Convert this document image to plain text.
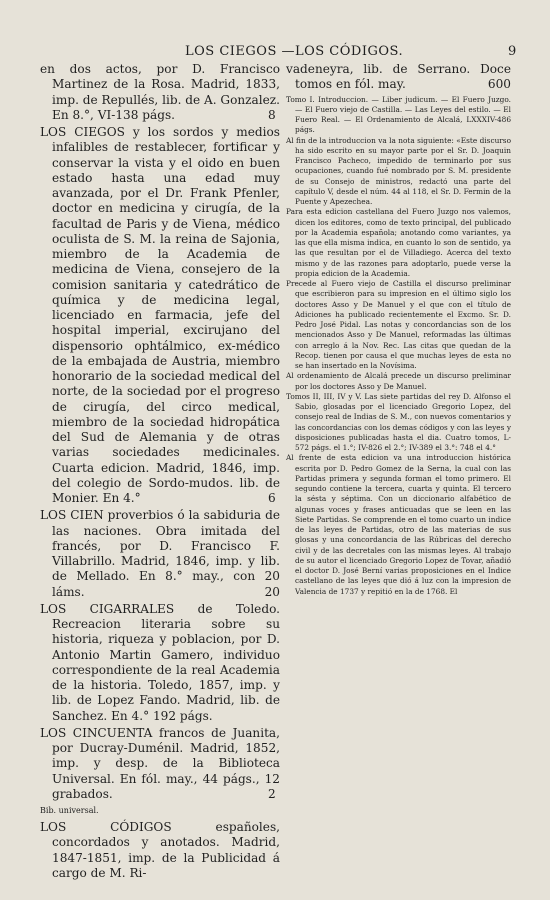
LOS CIEGOS —LOS CÓDIGOS.	9
en dos actos, por D. Francisco Martinez de la Rosa. Madrid, 1833, imp. de Repullés, lib. de A. Gonzalez. En 8.°, VI-138 págs.	8
LOS CIEGOS y los sordos y medios infalibles de restablecer, fortificar y conservar la vista y el oido en buen estado hasta una edad muy avanzada, por el Dr. Frank Pfenler, doctor en medicina y cirugía, de la facultad de Paris y de Viena, médico oculista de S. M. la reina de Sajonia, miembro de la Academia de medicina de Viena, consejero de la comision sanitaria y catedrático de química y de medicina legal, licenciado en farmacia, jefe del hospital imperial, excirujano del dispensorio ophtálmico, ex-médico de la embajada de Austria, miembro honorario de la sociedad medical del norte, de la sociedad por el progreso de cirugía, del circo medical, miembro de la sociedad hidropática del Sud de Alemania y de otras varias sociedades medicinales. Cuarta edicion. Madrid, 1846, imp. del colegio de Sordo-mudos. lib. de Monier. En 4.°	6
LOS CIEN proverbios ó la sabiduria de las naciones. Obra imitada del francés, por D. Francisco F. Villabrillo. Madrid, 1846, imp. y lib. de Mellado. En 8.° may., con 20 láms.	20
LOS CIGARRALES de Toledo. Recreacion literaria sobre su historia, riqueza y poblacion, por D. Antonio Martin Gamero, individuo correspondiente de la real Academia de la historia. Toledo, 1857, imp. y lib. de Lopez Fando. Madrid, lib. de Sanchez. En 4.° 192 págs.
LOS CINCUENTA francos de Juanita, por Ducray-Duménil. Madrid, 1852, imp. y desp. de la Biblioteca Universal. En fól. may., 44 págs., 12 grabados.	2
Bib. universal.
LOS CÓDIGOS españoles, concordados y anotados. Madrid, 1847-1851, imp. de la Publicidad á cargo de M. Ri-
vadeneyra, lib. de Serrano. Doce tomos en fól. may.	600
Tomo I. Introduccion. — Liber judicum. — El Fuero Juzgo. — El Fuero viejo de Castilla. — Las Leyes del estilo. — El Fuero Real. — El Ordenamiento de Alcalá, LXXXIV-486 págs.
Al fin de la introduccion va la nota siguiente: «Este discurso ha sido escrito en su mayor parte por el Sr. D. Joaquin Francisco Pacheco, impedido de terminarlo por sus ocupaciones, cuando fué nombrado por S. M. presidente de su Consejo de ministros, redactó una parte del capítulo V, desde el núm. 44 al 118, el Sr. D. Fermin de la Puente y Apezechea.
Para esta edicion castellana del Fuero Juzgo nos valemos, dicen los editores, como de texto principal, del publicado por la Academia española; anotando como variantes, ya las que ella misma indica, en cuanto lo son de sentido, ya las que resultan por el de Villadiego. Acerca del texto mismo y de las razones para adoptarlo, puede verse la propia edicion de la Academia.
Precede al Fuero viejo de Castilla el discurso preliminar que escribieron para su impresion en el último siglo los doctores Asso y De Manuel y el que con el título de Adiciones ha publicado recientemente el Excmo. Sr. D. Pedro José Pidal. Las notas y concordancias son de los mencionados Asso y De Manuel, reformadas las últimas con arreglo á la Nov. Rec. Las citas que quedan de la Recop. tienen por causa el que muchas leyes de esta no se han insertado en la Novísima.
Al ordenamiento de Alcalá precede un discurso preliminar por los doctores Asso y De Manuel.
Tomos II, III, IV y V. Las siete partidas del rey D. Alfonso el Sabio, glosadas por el licenciado Gregorio Lopez, del consejo real de Indias de S. M., con nuevos comentarios y las concordancias con los demas códigos y con las leyes y disposiciones publicadas hasta el dia. Cuatro tomos, L-572 págs. el 1.°; IV-826 el 2.°; IV-389 el 3.°: 748 el 4.°
Al frente de esta edicion va una introduccion histórica escrita por D. Pedro Gomez de la Serna, la cual con las Partidas primera y segunda forman el tomo primero. El segundo contiene la tercera, cuarta y quinta. El tercero la sésta y séptima. Con un diccionario alfabético de algunas voces y frases anticuadas que se leen en las Siete Partidas. Se comprende en el tomo cuarto un indice de las leyes de Partidas, otro de las materias de sus glosas y una concordancia de las Rúbricas del derecho civil y de las decretales con las mismas leyes. Al trabajo de su autor el licenciado Gregorio Lopez de Tovar, añadió el doctor D. José Berní varias proposiciones en el Indice castellano de las leyes que dió á luz con la impresion de Valencia de 1737 y repitió en la de 1768. El
